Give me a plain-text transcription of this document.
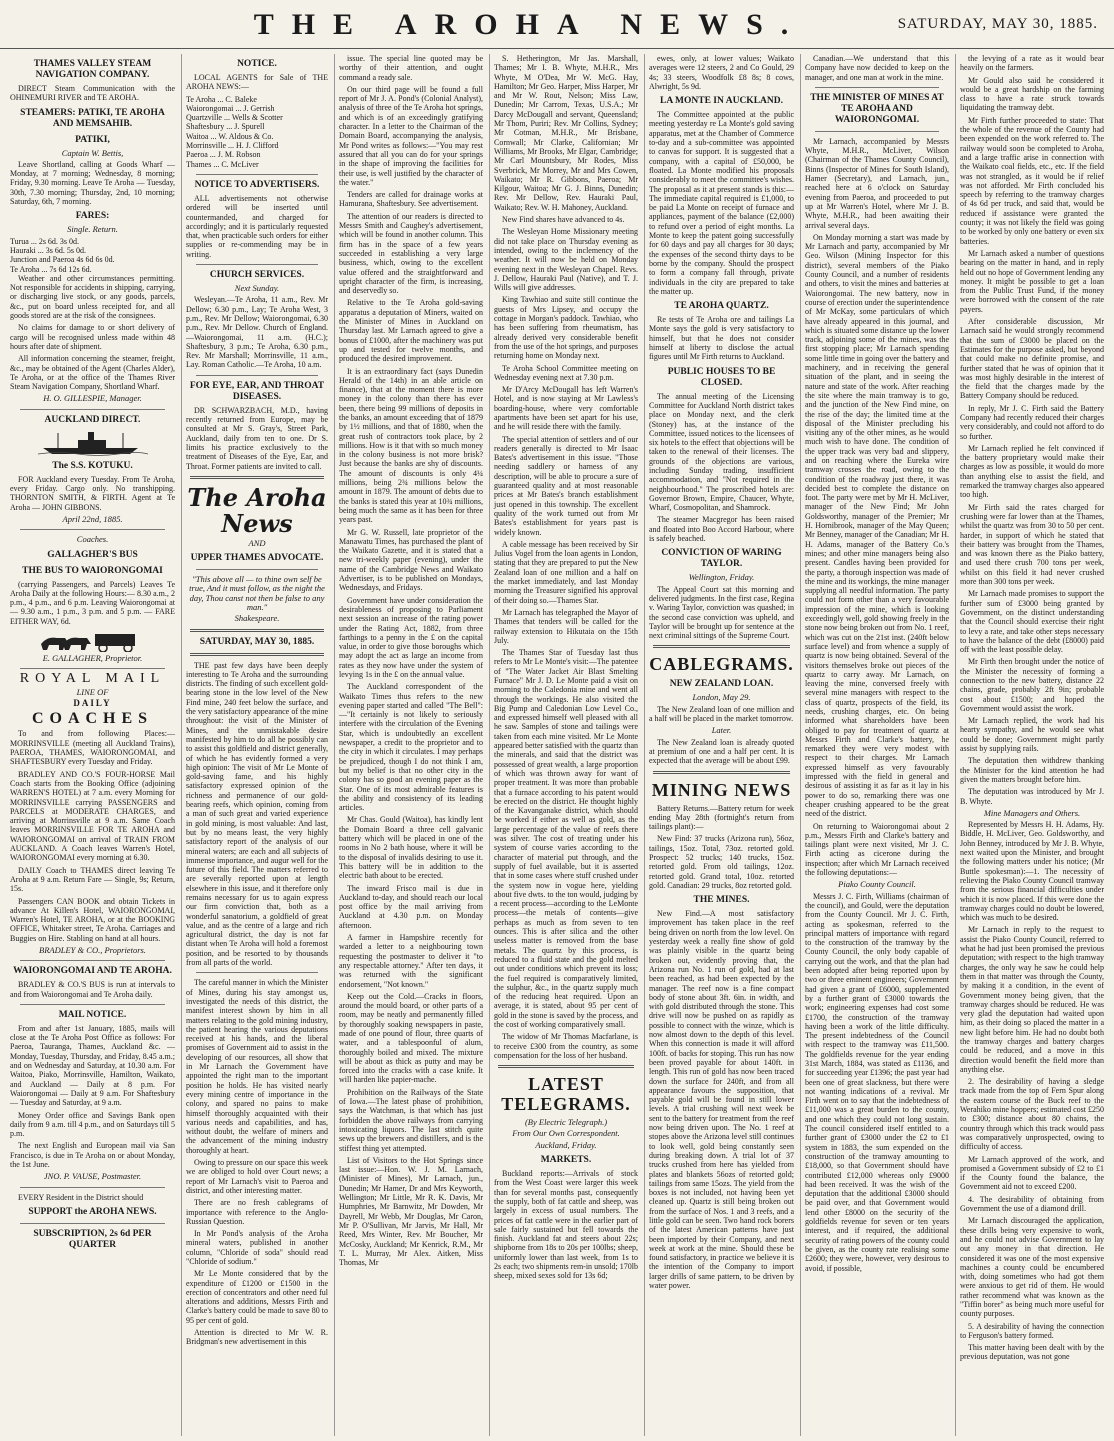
THE AROHA NEWS.	SATURDAY, MAY 30, 1885.
THAMES VALLEY STEAM NAVIGATION COMPANY.

DIRECT Steam Communication with the OHINEMURI RIVER and TE AROHA.

STEAMERS: PATIKI, TE AROHA AND MEMSAHIB.
PATIKI,
Captain W. Bettis,

Leave Shortland, calling at Goods Wharf — Monday, at 7 morning; Wednesday, 8 morning; Friday, 9.30 morning. Leave Te Aroha — Tuesday, 30th, 7.30 morning; Thursday, 2nd, 10 morning; Saturday, 6th, 7 morning.

FARES:
Single. Return.
Turua ... 2s 6d. 3s 0d.
Hauraki ... 3s 6d. 5s 0d.
Junction and Paeroa 4s 6d 6s 0d.
Te Aroha ... 7s 6d 12s 6d.

Weather and other circumstances permitting. Not responsible for accidents in shipping, carrying, or discharging live stock, or any goods, parcels, &c., put on board unless receipted for, and all goods stored are at the risk of the consignees.

No claims for damage to or short delivery of cargo will be recognised unless made within 48 hours after date of shipment.

All information concerning the steamer, freight, &c., may be obtained of the Agent (Charles Alder), Te Aroha, or at the office of the Thames River Steam Navigation Company, Shortland Wharf.

H. O. GILLESPIE, Manager.
AUCKLAND DIRECT.
The S.S. KOTUKU.

FOR Auckland every Tuesday. From Te Aroha, every Friday. Cargo only. No transhipping. THORNTON SMITH, & FIRTH. Agent at Te Aroha — JOHN GIBBONS.

April 22nd, 1885.
Coaches.
GALLAGHER'S BUS
THE BUS TO WAIORONGOMAI

(carrying Passengers, and Parcels) Leaves Te Aroha Daily at the following Hours:— 8.30 a.m., 2 p.m., 4 p.m., and 6 p.m. Leaving Waiorongomai at — 9.30 a.m., 1 p.m., 3 p.m. and 5 p.m. — FARE EITHER WAY, 6d.

E. GALLAGHER, Proprietor.
ROYAL MAIL
LINE OF
DAILY
COACHES

To and from following Places:— MORRINSVILLE (meeting all Auckland Trains), PAEROA, THAMES, WAIORONGOMAI, and SHAFTESBURY every Tuesday and Friday.

BRADLEY AND CO.'S FOUR-HORSE Mail Coach starts from the Booking Office (adjoining WARREN'S HOTEL) at 7 a.m. every Morning for MORRINSVILLE carrying PASSENGERS and PARCELS at MODERATE CHARGES, and arriving at Morrinsville at 9 a.m. Same Coach leaves MORRINSVILLE FOR TE AROHA and WAIORONGOMAI on arrival of TRAIN FROM AUCKLAND. A Coach leaves Warren's Hotel, WAIORONGOMAI every morning at 6.30.

DAILY Coach to THAMES direct leaving Te Aroha at 9 a.m. Return Fare — Single, 9s; Return, 15s.

Passengers CAN BOOK and obtain Tickets in advance At Killen's Hotel, WAIORONGOMAI, Warren's Hotel, TE AROHA, or at the BOOKING OFFICE, Whitaker street, Te Aroha. Carriages and Buggies on Hire. Stabling on hand at all hours.

BRADLEY & CO., Proprietors.
WAIORONGOMAI AND TE AROHA.

BRADLEY & CO.'S BUS is run at intervals to and from Waiorongomai and Te Aroha daily.

MAIL NOTICE.

From and after 1st January, 1885, mails will close at the Te Aroha Post Office as follows: For Paeroa, Tauranga, Thames, Auckland &c. — Monday, Tuesday, Thursday, and Friday, 8.45 a.m.; and on Wednesday and Saturday, at 10.30 a.m. For Waitoa, Piako, Morrinsville, Hamilton, Waikato, and Auckland — Daily at 8 p.m. For Waiorongomai — Daily at 9 a.m. For Shaftesbury — Tuesday and Saturday, at 9 a.m.

Money Order office and Savings Bank open daily from 9 a.m. till 4 p.m., and on Saturdays till 5 p.m.

The next English and European mail via San Francisco, is due in Te Aroha on or about Monday, the 1st June.

JNO. P. VAUSE, Postmaster.

EVERY Resident in the District should

SUPPORT the AROHA NEWS.
SUBSCRIPTION, 2s 6d PER QUARTER
NOTICE.

LOCAL AGENTS for Sale of THE AROHA NEWS:—

Te Aroha ... C. Baleke
Waiorongomai ... J. Gerrish
Quartzville ... Wells & Scotter
Shaftesbury ... J. Spurell
Waitoa ... W. Aldous & Co.
Morrinsville ... H. J. Clifford
Paeroa ... J. M. Robson
Thames ... C. McLiver
NOTICE TO ADVERTISERS.

ALL advertisements not otherwise ordered will be inserted until countermanded, and charged for accordingly; and it is particularly requested that, when practicable such orders for either supplies or re-commending may be in writing.

CHURCH SERVICES.
Next Sunday.

Wesleyan.—Te Aroha, 11 a.m., Rev. Mr Dellow; 6.30 p.m., Lay; Te Aroha West, 3 p.m., Rev. Mr Dellow; Waiorongomai, 6.30 p.m., Rev. Mr Dellow. Church of England.—Waiorongomai, 11 a.m. (H.C.); Shaftesbury, 3 p.m.; Te Aroha, 6.30 p.m., Rev. Mr Marshall; Morrinsville, 11 a.m., Lay. Roman Catholic.—Te Aroha, 10 a.m.

FOR EYE, EAR, AND THROAT DISEASES.

DR SCHWARZBACH, M.D., having recently returned from Europe, may be consulted at Mr S. Gray's, Street Park, Auckland, daily from ten to one. Dr S. limits his practice exclusively to the treatment of Diseases of the Eye, Ear, and Throat. Former patients are invited to call.

The Aroha News
AND
UPPER THAMES ADVOCATE.
"This above all — to thine own self be true, And it must follow, as the night the day, Thou canst not then be false to any man."
Shakespeare.
SATURDAY, MAY 30, 1885.

THE past few days have been deeply interesting to Te Aroha and the surrounding districts. The finding of such excellent gold-bearing stone in the low level of the New Find mine, 240 feet below the surface, and the very satisfactory appearance of the mine throughout: the visit of the Minister of Mines, and the unmistakable desire manifested by him to do all he possibly can to assist this goldfield and district generally, of which he has evidently formed a very high opinion: The visit of Mr Le Monte of gold-saving fame, and his highly satisfactory expressed opinion of the richness and permanence of our gold-bearing reefs, which opinion, coming from a man of such great and varied experience in gold mining, is most valuable: And last, but by no means least, the very highly satisfactory report of the analysis of our mineral waters; are each and all subjects of immense importance, and augur well for the future of this field. The matters referred to are severally reported upon at length elsewhere in this issue, and it therefore only remains necessary for us to again express our firm conviction that, both as a wonderful sanatorium, a goldfield of great value, and as the centre of a large and rich agricultural district, the day is not far distant when Te Aroha will hold a foremost position, and be resorted to by thousands from all parts of the world.

The careful manner in which the Minister of Mines, during his stay amongst us, investigated the needs of this district, the manifest interest shown by him in all matters relating to the gold mining industry, the patient hearing the various deputations received at his hands, and the liberal promises of Government aid to assist in the developing of our resources, all show that in Mr Larnach the Government have appointed the right man to the important position he holds. He has visited nearly every mining centre of importance in the colony, and spared no pains to make himself thoroughly acquainted with their various needs and capabilities, and has, without doubt, the welfare of miners and the advancement of the mining industry thoroughly at heart.

Owing to pressure on our space this week we are obliged to hold over Court news; a report of Mr Larnach's visit to Paeroa and district, and other interesting matter.

There are no fresh cablegrams of importance with reference to the Anglo-Russian Question.

In Mr Pond's analysis of the Aroha mineral waters, published in another column, "Chloride of soda" should read "Chloride of sodium."

Mr Le Monte considered that by the expenditure of £1200 or £1500 in the erection of concentrators and other need ful alterations and additions, Messrs Firth and Clarke's battery could be made to save 80 to 95 per cent of gold.

Attention is directed to Mr W. R. Bridgman's new advertisement in this

issue. The special line quoted may be worthy of their attention, and ought command a ready sale.

On our third page will be found a full report of Mr J. A. Pond's (Colonial Analyst), analysis of three of the Te Aroha hot springs, and which is of an exceedingly gratifying character. In a letter to the Chairman of the Domain Board, accompanying the analysis, Mr Pond writes as follows:—"You may rest assured that all you can do for your springs in the shape of improving the facilities for their use, is well justified by the character of the water."

Tenders are called for drainage works at Hamurana, Shaftesbury. See advertisement.

The attention of our readers is directed to Messrs Smith and Caughey's advertisement, which will be found in another column. This firm has in the space of a few years succeeded in establishing a very large business, which, owing to the excellent value offered and the straightforward and upright character of the firm, is increasing, and deservedly so.

Relative to the Te Aroha gold-saving apparatus a deputation of Miners, waited on the Minister of Mines in Auckland on Thursday last. Mr Larnach agreed to give a bonus of £1000, after the machinery was put up and tested for twelve months, and produced the desired improvement.

It is an extraordinary fact (says Dunedin Herald of the 14th) in an able article on finance), that at the moment there is more money in the colony than there has ever been, there being 99 millions of deposits in the banks, an amount exceeding that of 1879 by 1½ millions, and that of 1880, when the great rush of contractors took place, by 2 millions. How is it that with so much money in the colony business is not more brisk? Just because the banks are shy of discounts. The amount of discounts is only 4¼ millions, being 2¾ millions below the amount in 1879. The amount of debts due to the banks is stated this year at 10¾ millions, being much the same as it has been for three years past.

Mr G. W. Russell, late proprietor of the Manawatu Times, has purchased the plant of the Waikato Gazette, and it is stated that a new tri-weekly paper (evening), under the name of the Cambridge News and Waikato Advertiser, is to be published on Mondays, Wednesdays, and Fridays.

Government have under consideration the desirableness of proposing to Parliament next session an increase of the rating power under the Rating Act, 1882, from three farthings to a penny in the £ on the capital value, in order to give those boroughs which may adopt the act as large an income from rates as they now have under the system of levying 1s in the £ on the annual value.

The Auckland correspondent of the Waikato Times thus refers to the new evening paper started and called "The Bell":—"It certainly is not likely to seriously interfere with the circulation of the Evening Star, which is undoubtedly an excellent newspaper, a credit to the proprietor and to the city in which it circulates. I may perhaps be prejudiced, though I do not think I am, but my belief is that no other city in the colony has so good an evening paper as the Star. One of its most admirable features is the ability and consistency of its leading articles.

Mr Chas. Gould (Waitoa), has kindly lent the Domain Board a three cell galvanic battery which will be placed in one of the rooms in No 2 bath house, where it will be to the disposal of invalids desiring to use it. This battery will be in addition to the electric bath about to be erected.

The inward Frisco mail is due in Auckland to-day, and should reach our local post office by the mail arriving from Auckland at 4.30 p.m. on Monday afternoon.

A farmer in Hampshire recently for warded a letter to a neighbouring town requesting the postmaster to deliver it "to any respectable attorney." After ten days, it was returned with the significant endorsement, "Not known."

Keep out the Cold.—Cracks in floors, around the mould board, or other parts of a room, may be neatly and permanently filled by thoroughly soaking newspapers in paste, made of one pound of flour, three quarts of water, and a tablespoonful of alum, thoroughly boiled and mixed. The mixture will be about as thick as putty and may be forced into the cracks with a case knife. It will harden like papier-mache.

Prohibition on the Railways of the State of Iowa.—The latest phase of prohibition, says the Watchman, is that which has just forbidden the above railways from carrying intoxicating liquors. The last stitch quite sews up the brewers and distillers, and is the stiffest thing yet attempted.

List of Visitors to the Hot Springs since last issue:—Hon. W. J. M. Larnach, (Minister of Mines), Mr Larnach, jun., Dunedin; Mr Hamer, Dr and Mrs Keyworth, Wellington; Mr Little, Mr R. K. Davis, Mr Humphries, Mr Barnwitz, Mr Dowden, Mr Dayrell, Mr Webb, Mr Douglas, Mr Caron, Mr P. O'Sullivan, Mr Jarvis, Mr Hall, Mr Reed, Mrs Winter, Rev. Mr Boucher, Mr McCosky, Auckland; Mr Kenrick, R.M., Mr T. L. Murray, Mr Alex. Aitken, Miss Thomas, Mr

S. Hetherington, Mr Jas. Marshall, Thames; Mr I. B. Whyte, M.H.R., Mrs Whyte, M O'Dea, Mr W. McG. Hay, Hamilton; Mr Geo. Harper, Miss Harper, Mr and Mr W. Rout, Nelson; Miss Law, Dunedin; Mr Carrom, Texas, U.S.A.; Mr Darcy McDougall and servant, Queensland; Mr Thom, Puriri; Rev. Mr Collins, Sydney; Mr Cotman, M.H.R., Mr Brisbane, Cornwall; Mr Clarke, Californian; Mr Williams, Mr Brooks, Mr Elgar, Cambridge; Mr Carl Mountsbury, Mr Rodes, Miss Sverbrick, Mr Morrey, Mr and Mrs Cowen, Waikato; Mr R. Gibbons, Paeroa; Mr Kilgour, Waitoa; Mr G. J. Binns, Dunedin; Rev. Mr Dellow, Rev. Hauraki Paul, Waikato; Rev. W. H. Mahoney, Auckland.

New Find shares have advanced to 4s.

The Wesleyan Home Missionary meeting did not take place on Thursday evening as intended, owing to the inclemency of the weather. It will now be held on Monday evening next in the Wesleyan Chapel. Revs. J. Dellow, Hauraki Paul (Native), and T. J. Wills will give addresses.

King Tawhiao and suite still continue the guests of Mrs Lipsey, and occupy the cottage in Morgan's paddock. Tawhiao, who has been suffering from rheumatism, has already derived very considerable benefit from the use of the hot springs, and purposes returning home on Monday next.

Te Aroha School Committee meeting on Wednesday evening next at 7.30 p.m.

Mr D'Arcy McDougall has left Warren's Hotel, and is now staying at Mr Lawless's boarding-house, where very comfortable apartments have been set apart for his use, and he will reside there with the family.

The special attention of settlers and of our readers generally is directed to Mr Isaac Bates's advertisement in this issue. "Those needing saddlery or harness of any description, will be able to procure a sure of guaranteed quality and at most reasonable prices at Mr Bates's branch establishment just opened in this township. The excellent quality of the work turned out from Mr Bates's establishment for years past is widely known.

A cable message has been received by Sir Julius Vogel from the loan agents in London, stating that they are prepared to put the New Zealand loan of one million and a half on the market immediately, and last Monday morning the Treasurer signified his approval of their doing so.—Thames Star.

Mr Larnach has telegraphed the Mayor of Thames that tenders will be called for the railway extension to Hikutaia on the 15th July.

The Thames Star of Tuesday last thus refers to Mr Le Monte's visit:—The patentee of "The Water Jacket Air Blast Smelting Furnace" Mr J. D. Le Monte paid a visit on morning to the Caledonia mine and went all through the workings. He also visited the Big Pump and Caledonian Low Level Co., and expressed himself well pleased with all he saw. Samples of stone and tailings were taken from each mine visited. Mr Le Monte appeared better satisfied with the quartz than the minerals, and said that the district was possessed of great wealth, a large proportion of which was thrown away for want of proper treatment. It was more than probable that a furnace according to his patent would be erected on the district. He thought highly of the Kavanganake district, which should be worked if either as well as gold, as the large percentage of the value of reefs there was silver. The cost of treating under his system of course varies according to the character of material put through, and the supply of fuel available, but it is asserted that in some cases where stuff crushed under the system now in vogue here, yielding about five dwts. to the ton would, judging by a recent process—according to the LeMonte process—the metals of contents—give perhaps as much as from seven to ten ounces. This is after silica and the other useless matter is removed from the base metals. The quartz by this process, is reduced to a fluid state and the gold melted out under conditions which prevent its loss; the fuel required is comparatively limited, the sulphur, &c., in the quartz supply much of the reducing heat required. Upon an average, it is stated, about 95 per cent of gold in the stone is saved by the process, and the cost of working comparatively small.

The widow of Mr Thomas Macfarlane, is to receive £300 from the country, as some compensation for the loss of her husband.

LATEST TELEGRAMS.
(By Electric Telegraph.)
From Our Own Correspondent.
Auckland, Friday.
MARKETS.

Buckland reports:—Arrivals of stock from the West Coast were larger this week than for several months past, consequently the supply, both of fat cattle and sheep, was largely in excess of usual numbers. The prices of fat cattle were in the earlier part of sale fairly sustained but fell towards the finish. Auckland fat and steers about 22s; shipborne from 18s to 20s per 100lbs; sheep, uniformly lower than last week, from 1s to 2s each; two shipments rem-in unsold; 170lb sheep, mixed sexes sold for 13s 6d;

ewes, only, at lower values; Waikato averages were 12 steers, 2 and Co Gould, 29 4s; 33 steers, Woodfolk £8 8s; 8 cows, Alwright, 5s 9d.

LA MONTE IN AUCKLAND.

The Committee appointed at the public meeting yesterday re La Monte's gold saving apparatus, met at the Chamber of Commerce to-day and a sub-committee was appointed to canvas for support. It is suggested that a company, with a capital of £50,000, be floated. La Monte modified his proposals considerably to meet the committee's wishes. The proposal as it at present stands is this:—The immediate capital required is £1,000, to be paid La Monte on receipt of furnace and appliances, payment of the balance (£2,000) to refund over a period of eight months. La Monte to keep the patent going successfully for 60 days and pay all charges for 30 days; the expenses of the second thirty days to be borne by the company. Should the prospect to form a company fall through, private individuals in the city are prepared to take the matter up.

TE AROHA QUARTZ.

Re tests of Te Aroha ore and tailings La Monte says the gold is very satisfactory to himself, but that he does not consider himself at liberty to disclose the actual figures until Mr Firth returns to Auckland.

PUBLIC HOUSES TO BE CLOSED.

The annual meeting of the Licensing Committee for Auckland North district takes place on Monday next, and the clerk (Stoney) has, at the instance of the Committee, issued notices to the licensees of six hotels to the effect that objections will be taken to the renewal of their licenses. The grounds of the objections are various, including Sunday trading, insufficient accommodation, and "Not required in the neighbourhood." The proscribed hotels are: Governor Brown, Empire, Chaucer, Whyte, Wharf, Cosmopolitan, and Shamrock.

The steamer Macgregor has been raised and floated into Boo Accord Harbour, where is safely beached.

CONVICTION OF WARING TAYLOR.
Wellington, Friday.

The Appeal Court sat this morning and delivered judgments. In the first case, Regina v. Waring Taylor, conviction was quashed; in the second case conviction was upheld, and Taylor will be brought up for sentence at the next criminal sittings of the Supreme Court.

CABLEGRAMS.
NEW ZEALAND LOAN.
London, May 29.

The New Zealand loan of one million and a half will be placed in the market tomorrow.

Later.

The New Zealand loan is already quoted at premium of one and a half per cent. It is expected that the average will be about £99.

MINING NEWS

Battery Returns.—Battery return for week ending May 28th (fortnight's return from tailings plant):—

New Find: 37 trucks (Arizona run), 56oz, tailings, 15oz. Total, 73oz. retorted gold. Prospect: 52 trucks; 140 trucks, 15oz. retorted gold. From old tailings, 12oz. retorted gold. Grand total, 10oz. retorted gold. Canadian: 29 trucks, 8oz retorted gold.

THE MINES.

New Find.—A most satisfactory improvement has taken place in the reef being driven on north from the low level. On yesterday week a really fine show of gold was plainly visible in the quartz being broken out, evidently proving that, the Arizona run No. 1 run of gold, had at last been reached, as had been expected by the manager. The reef now is a fine compact body of stone about 3ft. 6in. in width, and with gold distributed through the stone. This drive will now be pushed on as rapidly as possible to connect with the winze, which is now almost down to the depth of this level. When this connection is made it will afford 100ft. of backs for stoping. This run has now been proved payable for about 140ft. in length. This run of gold has now been traced down the surface for 240ft, and from all appearance favours the supposition, that payable gold will be found in still lower levels. A trial crushing will next week be sent to the battery for treatment from the reef now being driven upon. The No. 1 reef at stopes above the Arizona level still continues to look well, gold being constantly seen during breaking down. A trial lot of 37 trucks crushed from here has yielded from plates and blankets 56ozs of retorted gold; tailings from same 15ozs. The yield from the boxes is not included, not having been yet cleaned up. Quartz is still being broken out from the surface of Nos. 1 and 3 reefs, and a little gold can be seen. Two hand rock borers of the latest American patterns have just been imported by their Company, and next week at work at the mine. Should these be found satisfactory, in practice we believe it is the intention of the Company to import larger drills of same pattern, to be driven by water power.

Canadian.—We understand that this Company have now decided to keep on the manager, and one man at work in the mine.

THE MINISTER OF MINES AT TE AROHA AND WAIORONGOMAI.

Mr Larnach, accompanied by Messrs Whyte, M.H.R., McLiver, Wilson (Chairman of the Thames County Council), Binns (Inspector of Mines for South Island), Hamer (Secretary), and Larnach, jun., reached here at 6 o'clock on Saturday evening from Paeroa, and proceeded to put up at Mr Warren's Hotel, where Mr J. B. Whyte, M.H.R., had been awaiting their arrival several days.

On Monday morning a start was made by Mr Larnach and party, accompanied by Mr Geo. Wilson (Mining Inspector for this district), several members of the Piako County Council, and a number of residents and others, to visit the mines and batteries at Waiorongomai. The new battery, now in course of erection under the superintendence of Mr McKay, some particulars of which have already appeared in this journal, and which is situated some distance up the lower track, adjoining some of the mines, was the first stopping place; Mr Larnach spending some little time in going over the battery and machinery, and in receiving the general situation of the plant, and in seeing the nature and state of the work. After reaching the site where the main tramway is to go, and the junction of the New Find mine, on the rise of the day; the limited time at the disposal of the Minister precluding his visiting any of the other mines, as he would much wish to have done. The condition of the upper track was very bad and slippery, and on reaching where the Eureka wire tramway crosses the road, owing to the condition of the roadway just there, it was decided best to complete the distance on foot. The party were met by Mr H. McLiver, manager of the New Find; Mr John Goldsworthy, manager of the Premier; Mr H. Hornibrook, manager of the May Queen; Mr Benney, manager of the Canadian; Mr H. H. Adams, manager of the Battery Co.'s mines; and other mine managers being also present. Candles having been provided for the party, a thorough inspection was made of the mine and its workings, the mine manager supplying all needful information. The party could not form other than a very favourable impression of the mine, which is looking exceedingly well, gold showing freely in the stone now being broken out from No. 1 reef, which was cut on the 21st inst. (240ft below surface level) and from whence a supply of quartz is now being obtained. Several of the visitors themselves broke out pieces of the quartz to carry away. Mr Larnach, on leaving the mine, conversed freely with several mine managers with respect to the class of quartz, prospects of the field, its needs, crushing charges, etc. On being informed what shareholders have been obliged to pay for treatment of quartz at Messrs Firth and Clarke's battery, he remarked they were very modest with respect to their charges. Mr Larnach expressed himself as very favourably impressed with the field in general and desirous of assisting it as far as it lay in his power to do so, remarking there was one cheaper crushing appeared to be the great need of the district.

On returning to Waiorongomai about 2 p.m., Messrs Firth and Clarke's battery and tailings plant were next visited, Mr J. C. Firth acting as cicerone during the inspection; after which Mr Larnach received the following deputations:—

Piako County Council.

Messrs J. C. Firth, Williams (chairman of the council), and Gould, were the deputation from the County Council. Mr J. C. Firth, acting as spokesman, referred to the principal matters of importance with regard to the construction of the tramway by the County Council, the only body capable of carrying out the work, and that the plan had been adopted after being reported upon by two or three eminent engineers; Government had given a grant of £6000, supplemented by a further grant of £3000 towards the work; engineering expenses had cost some £1700, the construction of the tramway having been a work of the little difficulty. The present indebtedness of the Council with respect to the tramway was £11,500. The goldfields revenue for the year ending 31st March, 1884, was stated as £1136, and for succeeding year £1396; the past year had been one of great slackness, but there were not wanting indications of a revival. Mr Firth went on to say that the indebtedness of £11,000 was a great burden to the county, and one which they could not long sustain. The council considered itself entitled to a further grant of £3000 under the £2 to £1 system in 1883, the sum expended on the construction of the tramway amounting to £18,000, so that Government should have contributed £12,000 whereas only £9000 had been received. It was the wish of the deputation that the additional £3000 should be paid over, and that Government would lend other £8000 on the security of the goldfields revenue for seven or ten years interest, and if required, the additional security of rating powers of the county could be given, as the county rate realising some £2600; they were, however, very desirous to avoid, if possible,

the levying of a rate as it would bear heavily on the farmers.

Mr Gould also said he considered it would be a great hardship on the farming class to have a rate struck towards liquidating the tramway debt.

Mr Firth further proceeded to state: That the whole of the revenue of the County had been expended on the work referred to. The railway would soon be completed to Aroha, and a large traffic arise in connection with the Waikato coal fields, etc., etc. If the field was not strangled, as it would be if relief was not afforded. Mr Firth concluded his speech by referring to the tramway charges of 4s 6d per truck, and said that, would be reduced if assistance were granted the county; it was not likely the field was going to be worked by only one battery or even six batteries.

Mr Larnach asked a number of questions bearing on the matter in hand, and in reply held out no hope of Government lending any money. It might be possible to get a loan from the Public Trust Fund, if the money were borrowed with the consent of the rate payers.

After considerable discussion, Mr Larnach said he would strongly recommend that the sum of £3000 be placed on the Estimates for the purpose asked, but beyond that could make no definite promise, and further stated that he was of opinion that it was most highly desirable in the interest of the field that the charges made by the Battery Company should be reduced.

In reply, Mr J. C. Firth said the Battery Company had recently reduced their charges very considerably, and could not afford to do so further.

Mr Larnach replied he felt convinced if the battery proprietary would make their charges as low as possible, it would do more than anything else to assist the field, and remarked the tramway charges also appeared too high.

Mr Firth said the rates charged for crushing were far lower than at the Thames, whilst the quartz was from 30 to 50 per cent. harder, in support of which he stated that their battery was brought from the Thames, and was known there as the Piako battery, and used there crush 700 tons per week, whilst on this field it had never crushed more than 300 tons per week.

Mr Larnach made promises to support the further sum of £3000 being granted by Government, on the distinct understanding that the Council should exercise their right to levy a rate, and take other steps necessary to have the balance of the debt (£8000) paid off with the least possible delay.

Mr Firth then brought under the notice of the Minister the necessity of forming a connection to the new battery, distance 22 chains, grade, probably 2ft 9in; probable cost about £1500; and hoped the Government would assist the work.

Mr Larnach replied, the work had his hearty sympathy, and he would see what could be done; Government might partly assist by supplying rails.

The deputation then withdrew thanking the Minister for the kind attention he had given the matters brought before him.

The deputation was introduced by Mr J. B. Whyte.

Mine Managers and Others.

Represented by Messrs H. H. Adams, Hy. Biddle, H. McLiver, Geo. Goldsworthy, and John Benney, introduced by Mr J. B. Whyte, next waited upon the Minister, and brought the following matters under his notice; (Mr Buttle spokesman):—1. The necessity of relieving the Piako County Council tramway from the serious financial difficulties under which it is now placed. If this were done the tramway charges could no doubt be lowered, which was much to be desired.

Mr Larnach in reply to the request to assist the Piako County Council, referred to what he had just been promised the previous deputation; with respect to the high tramway charges, the only way he saw he could help them in that matter was through the County, by making it a condition, in the event of Government money being given, that the tramway charges should be reduced. He was very glad the deputation had waited upon him, as their doing so placed the matter in a new light before him. He had no doubt both the tramway charges and battery charges could be reduced, and a move in this direction would benefit the field more than anything else.

2. The desirability of having a sledge track made from the top of Fern Spur along the eastern course of the Buck reef to the Werahiko mine hoppers; estimated cost £250 to £300; distance about 80 chains, the country through which this track would pass was comparatively unprospected, owing to difficulty of access.

Mr Larnach approved of the work, and promised a Government subsidy of £2 to £1 if the County found the balance, the Government aid not to exceed £200.

4. The desirability of obtaining from Government the use of a diamond drill.

Mr Larnach discouraged the application, these drills being very expensive to work, and he could not advise Government to lay out any money in that direction. He considered it was one of the most expensive machines a county could be encumbered with, doing sometimes who had got them were anxious to get rid of them. He would rather recommend what was known as the "Tiffin borer" as being much more useful for county purposes.

5. A desirability of having the connection to Ferguson's battery formed.

This matter having been dealt with by the previous deputation, was not gone
